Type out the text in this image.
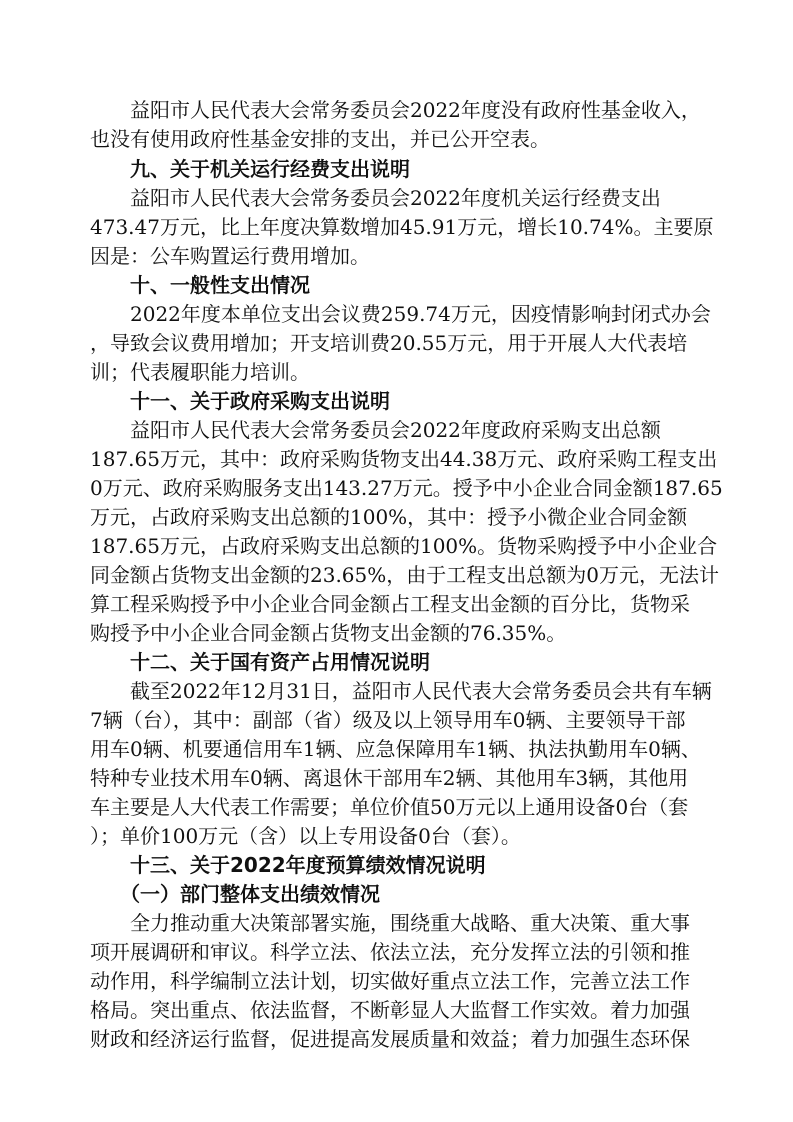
　　益阳市人民代表大会常务委员会2022年度没有政府性基金收入，
也没有使用政府性基金安排的支出，并已公开空表。
　　九、关于机关运行经费支出说明
　　益阳市人民代表大会常务委员会2022年度机关运行经费支出
473.47万元，比上年度决算数增加45.91万元，增长10.74%。主要原
因是：公车购置运行费用增加。
　　十、一般性支出情况
　　2022年度本单位支出会议费259.74万元，因疫情影响封闭式办会
，导致会议费用增加；开支培训费20.55万元，用于开展人大代表培
训；代表履职能力培训。
　　十一、关于政府采购支出说明
　　益阳市人民代表大会常务委员会2022年度政府采购支出总额
187.65万元，其中：政府采购货物支出44.38万元、政府采购工程支出
0万元、政府采购服务支出143.27万元。授予中小企业合同金额187.65
万元，占政府采购支出总额的100%，其中：授予小微企业合同金额
187.65万元，占政府采购支出总额的100%。货物采购授予中小企业合
同金额占货物支出金额的23.65%，由于工程支出总额为0万元，无法计
算工程采购授予中小企业合同金额占工程支出金额的百分比，货物采
购授予中小企业合同金额占货物支出金额的76.35%。
　　十二、关于国有资产占用情况说明
　　截至2022年12月31日，益阳市人民代表大会常务委员会共有车辆
7辆（台），其中：副部（省）级及以上领导用车0辆、主要领导干部
用车0辆、机要通信用车1辆、应急保障用车1辆、执法执勤用车0辆、
特种专业技术用车0辆、离退休干部用车2辆、其他用车3辆，其他用
车主要是人大代表工作需要；单位价值50万元以上通用设备0台（套
）；单价100万元（含）以上专用设备0台（套）。
　　十三、关于2022年度预算绩效情况说明
　　（一）部门整体支出绩效情况
　　全力推动重大决策部署实施，围绕重大战略、重大决策、重大事
项开展调研和审议。科学立法、依法立法，充分发挥立法的引领和推
动作用，科学编制立法计划，切实做好重点立法工作，完善立法工作
格局。突出重点、依法监督，不断彰显人大监督工作实效。着力加强
财政和经济运行监督，促进提高发展质量和效益；着力加强生态环保
